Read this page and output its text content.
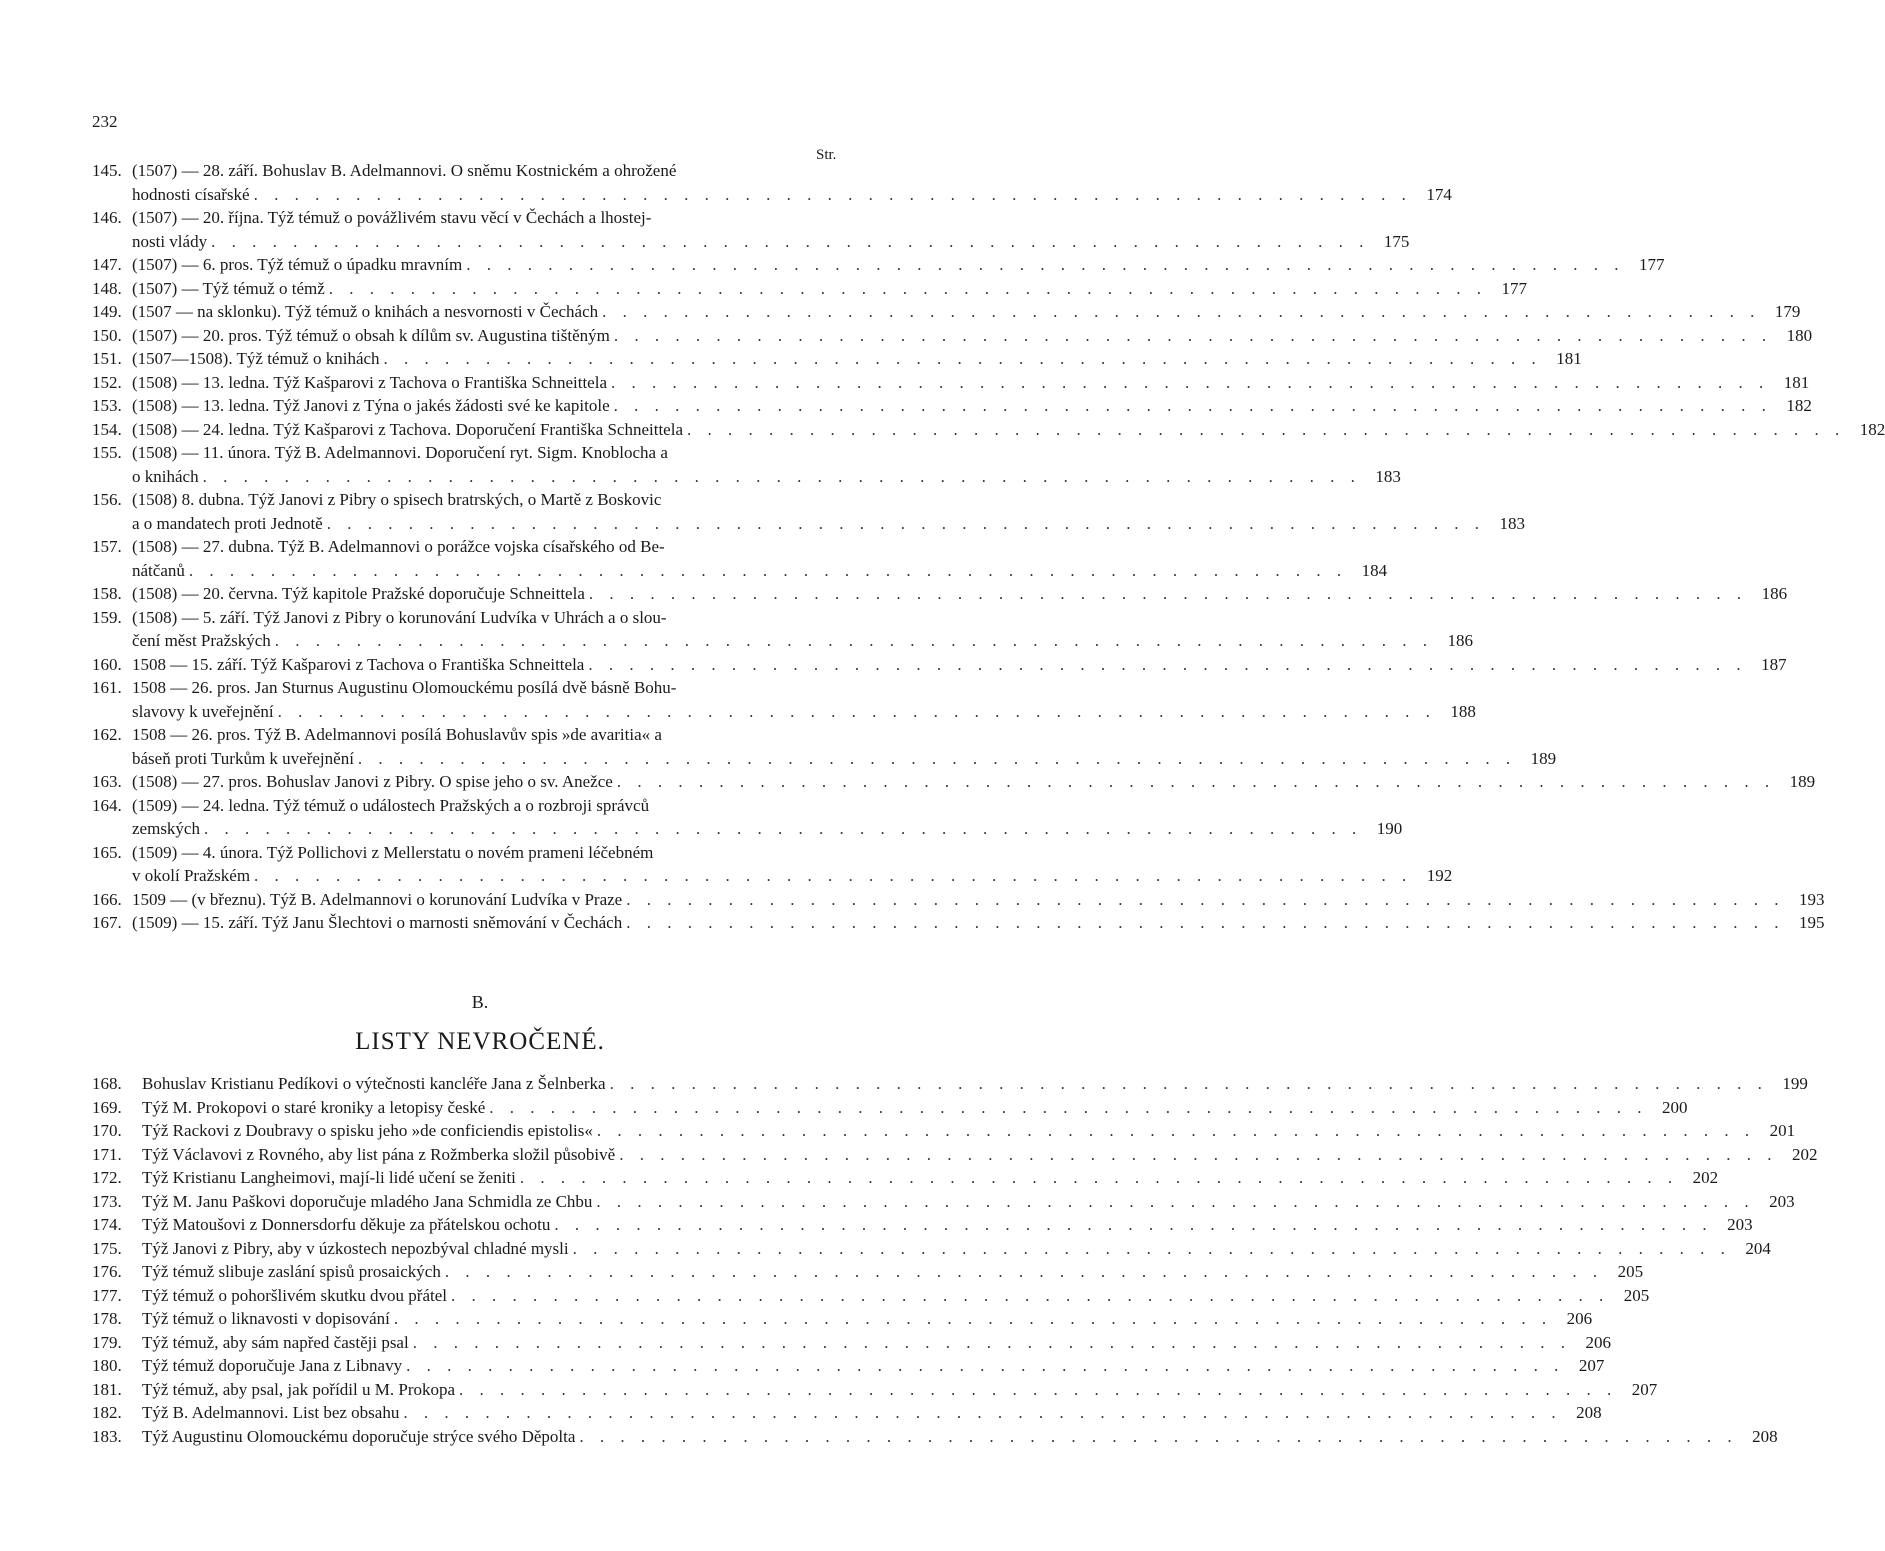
232
Str.
145. (1507) — 28. září. Bohuslav B. Adelmannovi. O sněmu Kostnickém a ohrožené
hodnosti císařské . . . . . . . . . . . . . . . . . . . . . . . . . . . . . . . . . . . . . . . . . . . . . . . . . . . . . . . . . 174
146. (1507) — 20. října. Týž témuž o povážlivém stavu věcí v Čechách a lhostej-
nosti vlády . . . . . . . . . . . . . . . . . . . . . . . . . . . . . . . . . . . . . . . . . . . . . . . . . . . . . . . . . 175
147. (1507) — 6. pros. Týž témuž o úpadku mravním . . . . . . . . . . . . . . . . . . . . . . . . . . . . . . . . . . . . . . . . . . . . . . . . . . . . . . . . . 177
148. (1507) — Týž témuž o témž . . . . . . . . . . . . . . . . . . . . . . . . . . . . . . . . . . . . . . . . . . . . . . . . . . . . . . . . . 177
149. (1507 — na sklonku). Týž témuž o knihách a nesvornosti v Čechách . . . . . . . . . . . . . . . . . . . . . . . . . . . . . . . . . . . . . . . . . . . . . . . . . . . . . . . . . 179
150. (1507) — 20. pros. Týž témuž o obsah k dílům sv. Augustina tištěným . . . . . . . . . . . . . . . . . . . . . . . . . . . . . . . . . . . . . . . . . . . . . . . . . . . . . . . . . 180
151. (1507—1508). Týž témuž o knihách . . . . . . . . . . . . . . . . . . . . . . . . . . . . . . . . . . . . . . . . . . . . . . . . . . . . . . . . . 181
152. (1508) — 13. ledna. Týž Kašparovi z Tachova o Františka Schneittela . . . . . . . . . . . . . . . . . . . . . . . . . . . . . . . . . . . . . . . . . . . . . . . . . . . . . . . . . 181
153. (1508) — 13. ledna. Týž Janovi z Týna o jakés žádosti své ke kapitole . . . . . . . . . . . . . . . . . . . . . . . . . . . . . . . . . . . . . . . . . . . . . . . . . . . . . . . . . 182
154. (1508) — 24. ledna. Týž Kašparovi z Tachova. Doporučení Františka Schneittela . . . . . . . . . . . . . . . . . . . . . . . . . . . . . . . . . . . . . . . . . . . . . . . . . . . . . . . . . 182
155. (1508) — 11. února. Týž B. Adelmannovi. Doporučení ryt. Sigm. Knoblocha a
o knihách . . . . . . . . . . . . . . . . . . . . . . . . . . . . . . . . . . . . . . . . . . . . . . . . . . . . . . . . . 183
156. (1508) 8. dubna. Týž Janovi z Pibry o spisech bratrských, o Martě z Boskovic
a o mandatech proti Jednotě . . . . . . . . . . . . . . . . . . . . . . . . . . . . . . . . . . . . . . . . . . . . . . . . . . . . . . . . . 183
157. (1508) — 27. dubna. Týž B. Adelmannovi o porážce vojska císařského od Be-
nátčanů . . . . . . . . . . . . . . . . . . . . . . . . . . . . . . . . . . . . . . . . . . . . . . . . . . . . . . . . . 184
158. (1508) — 20. června. Týž kapitole Pražské doporučuje Schneittela . . . . . . . . . . . . . . . . . . . . . . . . . . . . . . . . . . . . . . . . . . . . . . . . . . . . . . . . . 186
159. (1508) — 5. září. Týž Janovi z Pibry o korunování Ludvíka v Uhrách a o slou-
čení měst Pražských . . . . . . . . . . . . . . . . . . . . . . . . . . . . . . . . . . . . . . . . . . . . . . . . . . . . . . . . . 186
160. 1508 — 15. září. Týž Kašparovi z Tachova o Františka Schneittela . . . . . . . . . . . . . . . . . . . . . . . . . . . . . . . . . . . . . . . . . . . . . . . . . . . . . . . . . 187
161. 1508 — 26. pros. Jan Sturnus Augustinu Olomouckému posílá dvě básně Bohu-
slavovy k uveřejnění . . . . . . . . . . . . . . . . . . . . . . . . . . . . . . . . . . . . . . . . . . . . . . . . . . . . . . . . . 188
162. 1508 — 26. pros. Týž B. Adelmannovi posílá Bohuslavův spis »de avaritia« a
báseň proti Turkům k uveřejnění . . . . . . . . . . . . . . . . . . . . . . . . . . . . . . . . . . . . . . . . . . . . . . . . . . . . . . . . . 189
163. (1508) — 27. pros. Bohuslav Janovi z Pibry. O spise jeho o sv. Anežce . . . . . . . . . . . . . . . . . . . . . . . . . . . . . . . . . . . . . . . . . . . . . . . . . . . . . . . . . 189
164. (1509) — 24. ledna. Týž témuž o událostech Pražských a o rozbroji správců
zemských . . . . . . . . . . . . . . . . . . . . . . . . . . . . . . . . . . . . . . . . . . . . . . . . . . . . . . . . . 190
165. (1509) — 4. února. Týž Pollichovi z Mellerstatu o novém prameni léčebném
v okolí Pražském . . . . . . . . . . . . . . . . . . . . . . . . . . . . . . . . . . . . . . . . . . . . . . . . . . . . . . . . . 192
166. 1509 — (v březnu). Týž B. Adelmannovi o korunování Ludvíka v Praze . . . . . . . . . . . . . . . . . . . . . . . . . . . . . . . . . . . . . . . . . . . . . . . . . . . . . . . . . 193
167. (1509) — 15. září. Týž Janu Šlechtovi o marnosti sněmování v Čechách . . . . . . . . . . . . . . . . . . . . . . . . . . . . . . . . . . . . . . . . . . . . . . . . . . . . . . . . . 195
B.
LISTY NEVROČENÉ.
168.	Bohuslav Kristianu Pedíkovi o výtečnosti kancléře Jana z Šelnberka . . . . . . . . . . . . . . . . . . . . . . . . . . . . . . . . . . . . . . . . . . . . . . . . . . . . . . . . . 199
169.	Týž M. Prokopovi o staré kroniky a letopisy české . . . . . . . . . . . . . . . . . . . . . . . . . . . . . . . . . . . . . . . . . . . . . . . . . . . . . . . . . 200
170.	Týž Rackovi z Doubravy o spisku jeho »de conficiendis epistolis« . . . . . . . . . . . . . . . . . . . . . . . . . . . . . . . . . . . . . . . . . . . . . . . . . . . . . . . . . 201
171.	Týž Václavovi z Rovného, aby list pána z Rožmberka složil působivě . . . . . . . . . . . . . . . . . . . . . . . . . . . . . . . . . . . . . . . . . . . . . . . . . . . . . . . . . 202
172.	Týž Kristianu Langheimovi, mají-li lidé učení se ženiti . . . . . . . . . . . . . . . . . . . . . . . . . . . . . . . . . . . . . . . . . . . . . . . . . . . . . . . . . 202
173.	Týž M. Janu Paškovi doporučuje mladého Jana Schmidla ze Chbu . . . . . . . . . . . . . . . . . . . . . . . . . . . . . . . . . . . . . . . . . . . . . . . . . . . . . . . . . 203
174.	Týž Matoušovi z Donnersdorfu děkuje za přátelskou ochotu . . . . . . . . . . . . . . . . . . . . . . . . . . . . . . . . . . . . . . . . . . . . . . . . . . . . . . . . . 203
175.	Týž Janovi z Pibry, aby v úzkostech nepozbýval chladné mysli . . . . . . . . . . . . . . . . . . . . . . . . . . . . . . . . . . . . . . . . . . . . . . . . . . . . . . . . . 204
176.	Týž témuž slibuje zaslání spisů prosaických . . . . . . . . . . . . . . . . . . . . . . . . . . . . . . . . . . . . . . . . . . . . . . . . . . . . . . . . . 205
177.	Týž témuž o pohoršlivém skutku dvou přátel . . . . . . . . . . . . . . . . . . . . . . . . . . . . . . . . . . . . . . . . . . . . . . . . . . . . . . . . . 205
178.	Týž témuž o liknavosti v dopisování . . . . . . . . . . . . . . . . . . . . . . . . . . . . . . . . . . . . . . . . . . . . . . . . . . . . . . . . . 206
179.	Týž témuž, aby sám napřed častěji psal . . . . . . . . . . . . . . . . . . . . . . . . . . . . . . . . . . . . . . . . . . . . . . . . . . . . . . . . . 206
180.	Týž témuž doporučuje Jana z Libnavy . . . . . . . . . . . . . . . . . . . . . . . . . . . . . . . . . . . . . . . . . . . . . . . . . . . . . . . . . 207
181.	Týž témuž, aby psal, jak pořídil u M. Prokopa . . . . . . . . . . . . . . . . . . . . . . . . . . . . . . . . . . . . . . . . . . . . . . . . . . . . . . . . . 207
182.	Týž B. Adelmannovi. List bez obsahu . . . . . . . . . . . . . . . . . . . . . . . . . . . . . . . . . . . . . . . . . . . . . . . . . . . . . . . . . 208
183.	Týž Augustinu Olomouckému doporučuje strýce svého Děpolta . . . . . . . . . . . . . . . . . . . . . . . . . . . . . . . . . . . . . . . . . . . . . . . . . . . . . . . . . 208
